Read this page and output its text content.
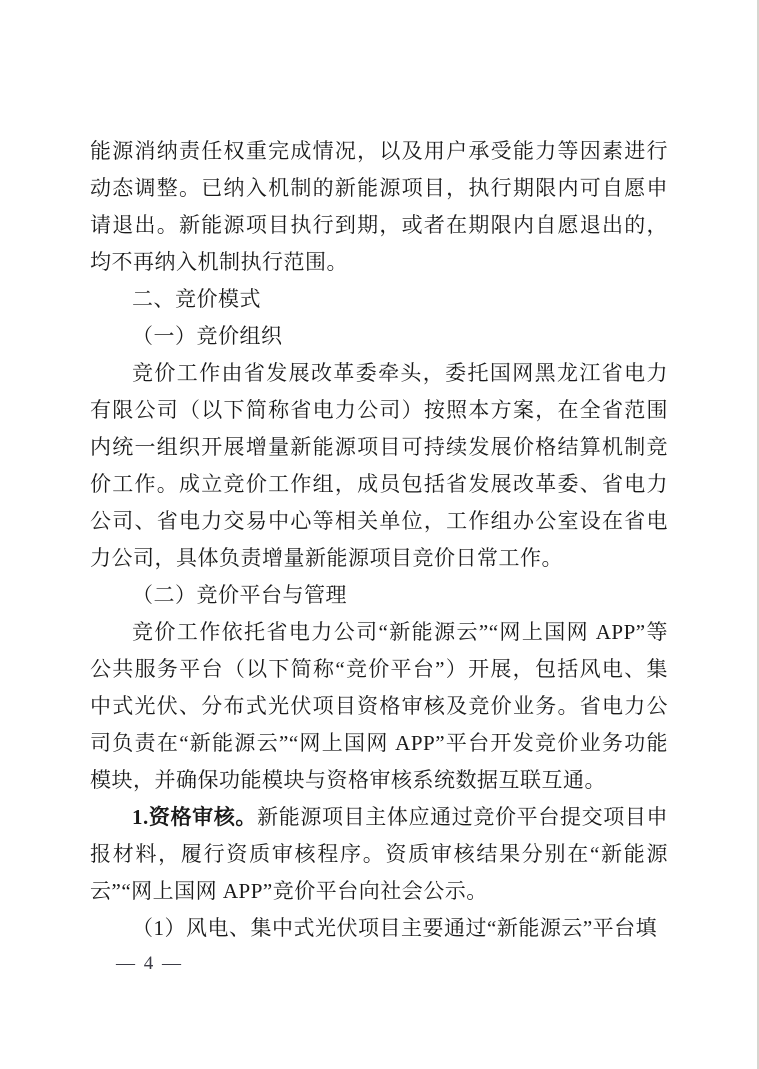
能源消纳责任权重完成情况，以及用户承受能力等因素进行动态调整。已纳入机制的新能源项目，执行期限内可自愿申请退出。新能源项目执行到期，或者在期限内自愿退出的，均不再纳入机制执行范围。

二、竞价模式
（一）竞价组织

竞价工作由省发展改革委牵头，委托国网黑龙江省电力有限公司（以下简称省电力公司）按照本方案，在全省范围内统一组织开展增量新能源项目可持续发展价格结算机制竞价工作。成立竞价工作组，成员包括省发展改革委、省电力公司、省电力交易中心等相关单位，工作组办公室设在省电力公司，具体负责增量新能源项目竞价日常工作。

（二）竞价平台与管理

竞价工作依托省电力公司“新能源云”“网上国网 APP”等公共服务平台（以下简称“竞价平台”）开展，包括风电、集中式光伏、分布式光伏项目资格审核及竞价业务。省电力公司负责在“新能源云”“网上国网 APP”平台开发竞价业务功能模块，并确保功能模块与资格审核系统数据互联互通。

1.资格审核。新能源项目主体应通过竞价平台提交项目申报材料，履行资质审核程序。资质审核结果分别在“新能源云”“网上国网 APP”竞价平台向社会公示。

（1）风电、集中式光伏项目主要通过“新能源云”平台填

— 4 —
